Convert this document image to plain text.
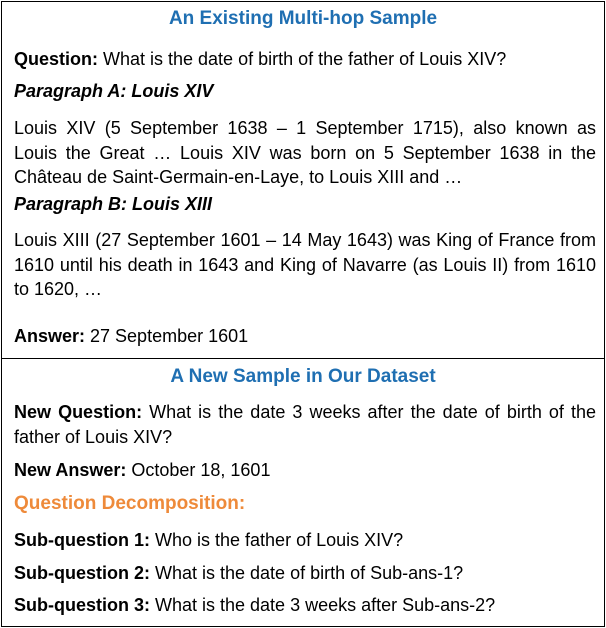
An Existing Multi-hop Sample
Question: What is the date of birth of the father of Louis XIV?
Paragraph A: Louis XIV
Louis XIV (5 September 1638 – 1 September 1715), also known as Louis the Great … Louis XIV was born on 5 September 1638 in the Château de Saint-Germain-en-Laye, to Louis XIII and …
Paragraph B: Louis XIII
Louis XIII (27 September 1601 – 14 May 1643) was King of France from 1610 until his death in 1643 and King of Navarre (as Louis II) from 1610 to 1620, …
Answer: 27 September 1601
A New Sample in Our Dataset
New Question: What is the date 3 weeks after the date of birth of the father of Louis XIV?
New Answer: October 18, 1601
Question Decomposition:
Sub-question 1: Who is the father of Louis XIV?
Sub-question 2: What is the date of birth of Sub-ans-1?
Sub-question 3: What is the date 3 weeks after Sub-ans-2?
